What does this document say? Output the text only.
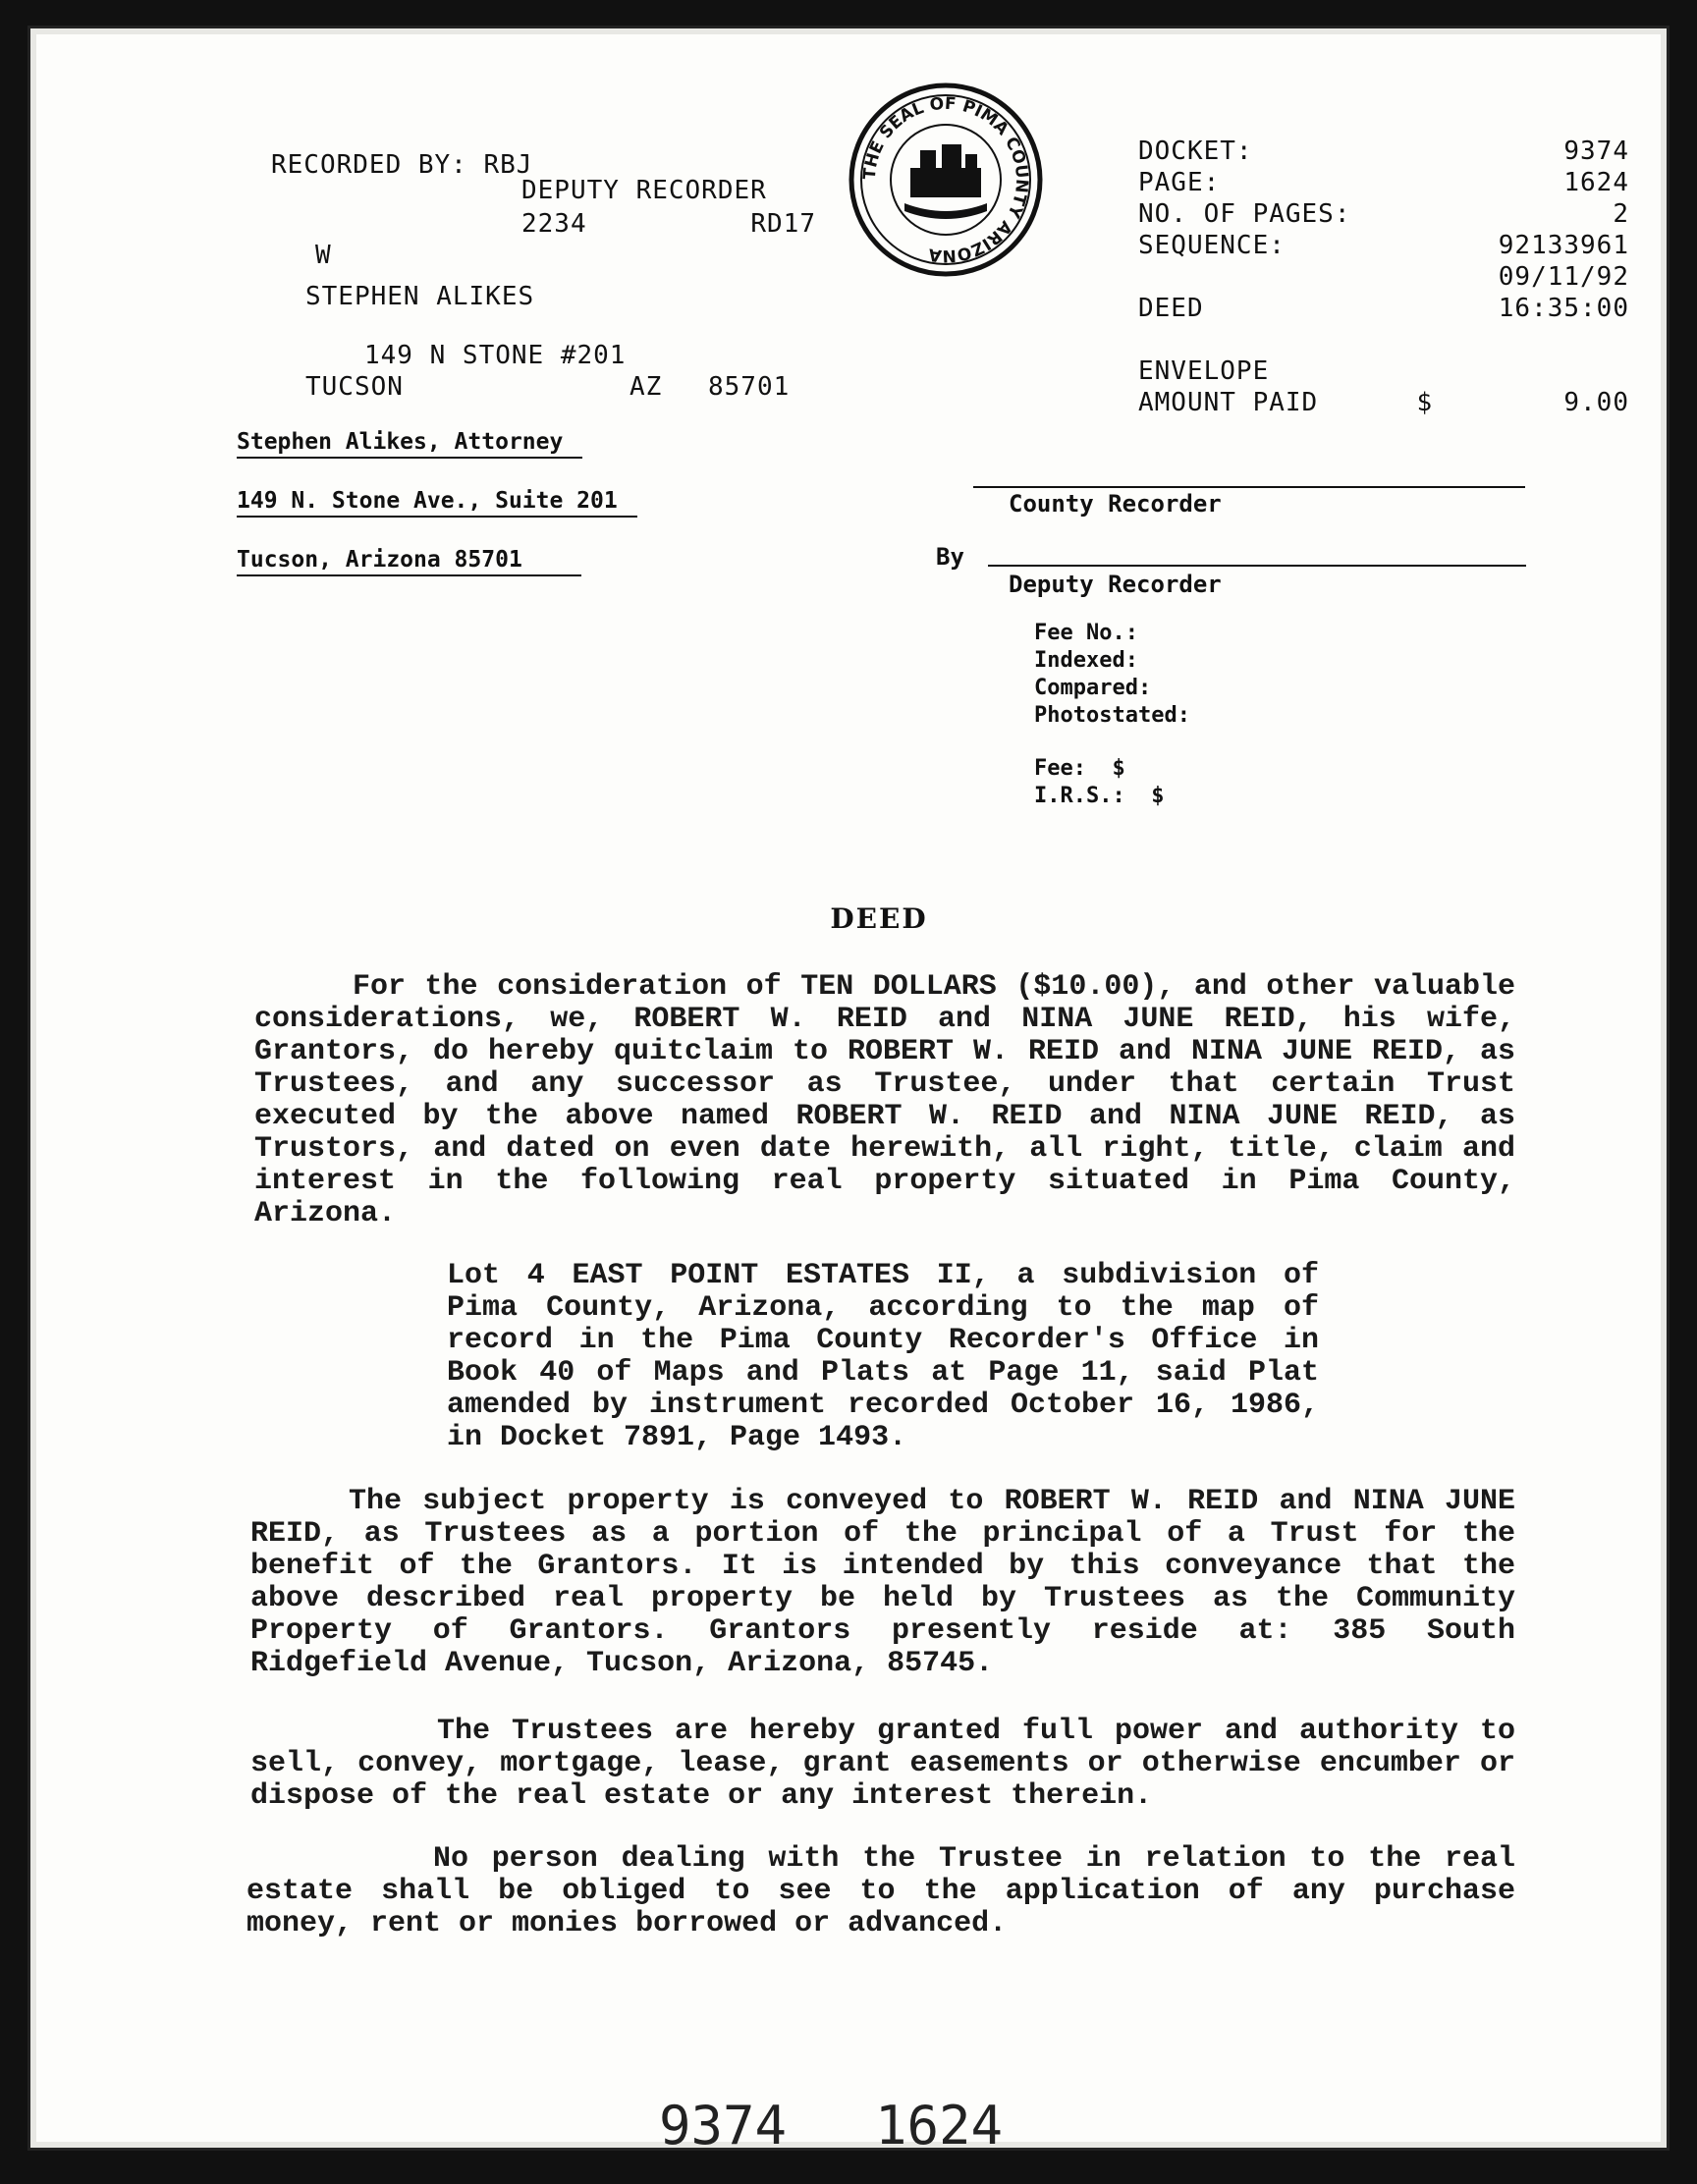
RECORDED BY: RBJ
DEPUTY RECORDER
2234	RD17
W
STEPHEN ALIKES
149 N STONE #201
TUCSON	AZ	85701
Stephen Alikes, Attorney
149 N. Stone Ave., Suite 201
Tucson, Arizona 85701
THE SEAL OF PIMA COUNTY ARIZONA
DOCKET:	9374
PAGE:	1624
NO. OF PAGES:	2
SEQUENCE:	92133961
09/11/92
DEED	16:35:00
ENVELOPE
AMOUNT PAID	$        9.00
County Recorder
By
Deputy Recorder
Fee No.:
Indexed:
Compared:
Photostated:
Fee:  $
I.R.S.:  $
DEED
For the consideration of TEN DOLLARS ($10.00), and other valuable considerations, we, ROBERT W. REID and NINA JUNE REID, his wife, Grantors, do hereby quitclaim to ROBERT W. REID and NINA JUNE REID, as Trustees, and any successor as Trustee, under that certain Trust executed by the above named ROBERT W. REID and NINA JUNE REID, as Trustors, and dated on even date herewith, all right, title, claim and interest in the following real property situated in Pima County, Arizona.
Lot 4 EAST POINT ESTATES II, a subdivision of Pima County, Arizona, according to the map of record in the Pima County Recorder's Office in Book 40 of Maps and Plats at Page 11, said Plat amended by instrument recorded October 16, 1986, in Docket 7891, Page 1493.
The subject property is conveyed to ROBERT W. REID and NINA JUNE REID, as Trustees as a portion of the principal of a Trust for the benefit of the Grantors. It is intended by this conveyance that the above described real property be held by Trustees as the Community Property of Grantors. Grantors presently reside at: 385 South Ridgefield Avenue, Tucson, Arizona, 85745.
The Trustees are hereby granted full power and authority to sell, convey, mortgage, lease, grant easements or otherwise encumber or dispose of the real estate or any interest therein.
No person dealing with the Trustee in relation to the real estate shall be obliged to see to the application of any purchase money, rent or monies borrowed or advanced.
9374 1624
